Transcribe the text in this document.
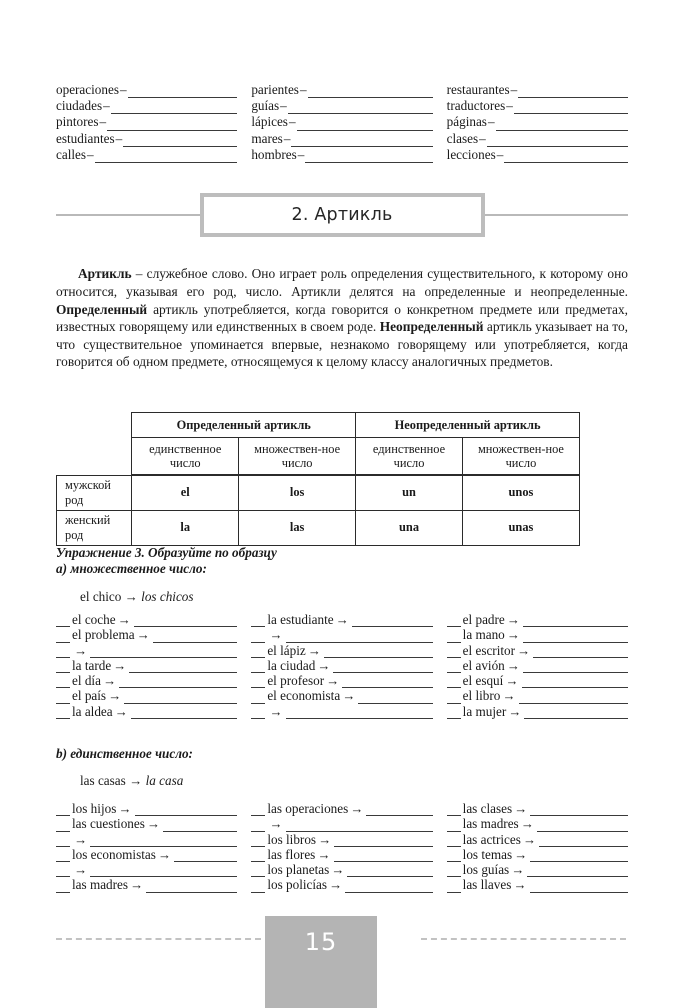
operaciones –
ciudades –
pintores –
estudiantes –
calles –
parientes –
guías –
lápices –
mares –
hombres –
restaurantes –
traductores –
páginas –
clases –
lecciones –
2. Артикль

Артикль – служебное слово. Оно играет роль определения существительного, к которому оно относится, указывая его род, число. Артикли делятся на определенные и неопределенные. Определенный артикль употребляется, когда говорится о конкретном предмете или предметах, известных говорящему или единственных в своем роде. Неопределенный артикль указывает на то, что существительное упоминается впервые, незнакомо говорящему или употребляется, когда говорится об одном предмете, относящемуся к целому классу аналогичных предметов.

	Определенный артикль		Неопределенный артикль	
	единственное число	множествен-ное число	единственное число	множествен-ное число
мужской род	el	los	un	unos
женский род	la	las	una	unas
Упражнение 3. Образуйте по образцу
а) множественное число:
el chico → los chicos
el coche →
el problema →
→
la tarde →
el día →
el país →
la aldea →
la estudiante →
→
el lápiz →
la ciudad →
el profesor →
el economista →
→
el padre →
la mano →
el escritor →
el avión →
el esquí →
el libro →
la mujer →
b) единственное число:
las casas → la casa
los hijos →
las cuestiones →
→
los economistas →
→
las madres →
las operaciones →
→
los libros →
las flores →
los planetas →
los policías →
las clases →
las madres →
las actrices →
los temas →
los guías →
las llaves →
15
